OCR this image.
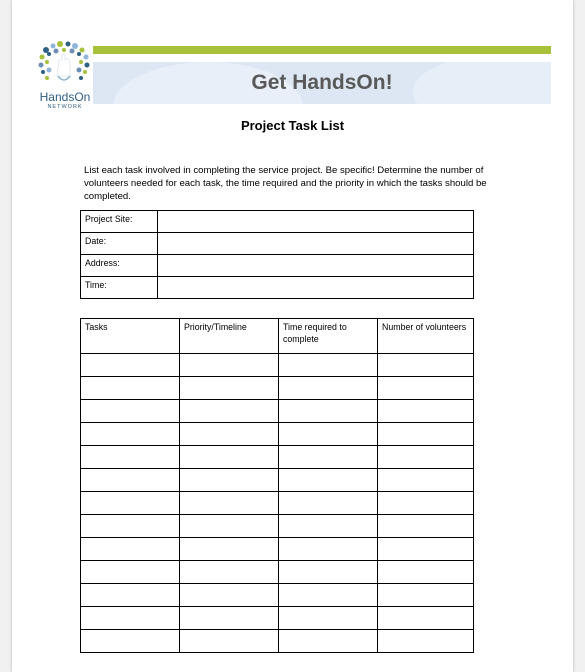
HandsOn
NETWORK
Get HandsOn!
Project Task List
List each task involved in completing the service project. Be specific! Determine the number of volunteers needed for each task, the time required and the priority in which the tasks should be completed.
Project Site:	
Date:	
Address:	
Time:	
Tasks	Priority/Timeline	Time required to complete	Number of volunteers
